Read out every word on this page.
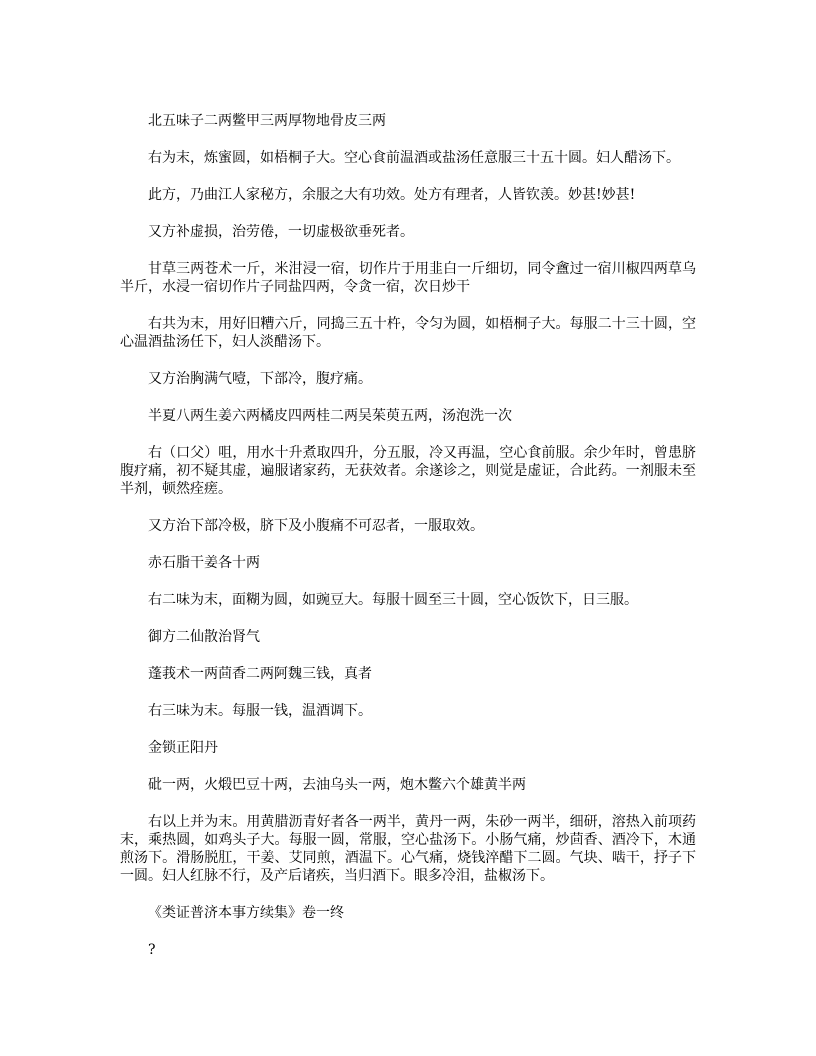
北五味子二两鳖甲三两厚物地骨皮三两

右为末，炼蜜圆，如梧桐子大。空心食前温酒或盐汤任意服三十五十圆。妇人醋汤下。

此方，乃曲江人家秘方，余服之大有功效。处方有理者，人皆钦羡。妙甚!妙甚!

又方补虚损，治劳倦，一切虚极欲垂死者。

甘草三两苍术一斤，米泔浸一宿，切作片于用韭白一斤细切，同令盦过一宿川椒四两草乌半斤，水浸一宿切作片子同盐四两，令贪一宿，次日炒干

右共为末，用好旧糟六斤，同捣三五十杵，令匀为圆，如梧桐子大。每服二十三十圆，空心温酒盐汤任下，妇人淡醋汤下。

又方治胸满气噎，下部冷，腹疗痛。

半夏八两生姜六两橘皮四两桂二两吴茱萸五两，汤泡洗一次

右（口父）咀，用水十升煮取四升，分五服，冷又再温，空心食前服。余少年时，曾患脐腹疗痛，初不疑其虚，遍服诸家药，无获效者。余遂诊之，则觉是虚证，合此药。一剂服未至半剂，顿然痊瘥。

又方治下部冷极，脐下及小腹痛不可忍者，一服取效。

赤石脂干姜各十两

右二味为末，面糊为圆，如豌豆大。每服十圆至三十圆，空心饭饮下，日三服。

御方二仙散治肾气

蓬莪术一两茴香二两阿魏三钱，真者

右三味为末。每服一钱，温酒调下。

金锁正阳丹

砒一两，火煅巴豆十两，去油乌头一两，炮木鳖六个雄黄半两

右以上并为末。用黄腊沥青好者各一两半，黄丹一两，朱砂一两半，细研，溶热入前项药末，乘热圆，如鸡头子大。每服一圆，常服，空心盐汤下。小肠气痛，炒茴香、酒冷下，木通煎汤下。滑肠脱肛，干姜、艾同煎，酒温下。心气痛，烧钱淬醋下二圆。气块、啮干，抒子下一圆。妇人红脉不行，及产后诸疾，当归酒下。眼多冷泪，盐椒汤下。

《类证普济本事方续集》卷一终

?
